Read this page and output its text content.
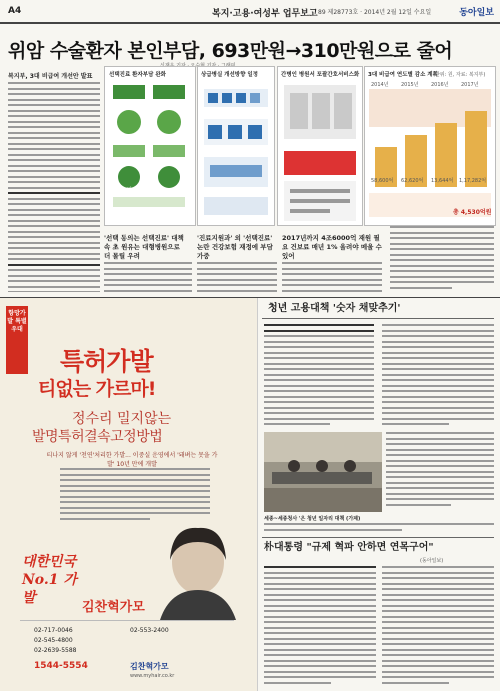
A4	복지·고용·여성부 업무보고 89 제28773호 · 2014년 2월 12일 수요일	동아일보
위암 수술환자 본인부담, 693만원→310만원으로 줄어
복지부, 3대 비급여 개선안 발표	선택진료 환자부담 완화
693만원
상급병실 개선방향 일정	간병인 병원서 포괄간호서비스화 3대 비급여 연도별 감소 계획
(단위: 원, 자료: 복지부)
2014년 2015년 2016년 2017년
58,600억 62,620억 13,644억 1,17,282억
총 4,530억원
'선택 동의는 선택진료' 대책 속 초 원유는 대형병원으로 더 몰릴 우려
'진료지원과' 외 '선택진료' 논란 건강보험 재정에 부담 가중
2017년까지 4조6000억 재원 필요 건보료 매년 1% 올려야 메울 수 있어
항망가발 특별우대
특허가발
티없는 가르마!
정수리 밀지않는
발명특허결속고정방법
티나지 않게 '천연'처리한 가발... 이중실 운영에서 '돼벼는 못을 가발' 10년 만에 개발
대한민국 No.1 가발
김찬혁가모
02-717-0046
02-545-4800
02-2639-5588
02-553-2400
1544-5554	김찬혁가모
www.myhair.co.kr
청년 고용대책 '숫자 채맞추기'
세종~세종청사 '은 청년 일자리 대책 (가제)
朴대통령 "규제 혁파 안하면 연목구어"
(동아일보)
